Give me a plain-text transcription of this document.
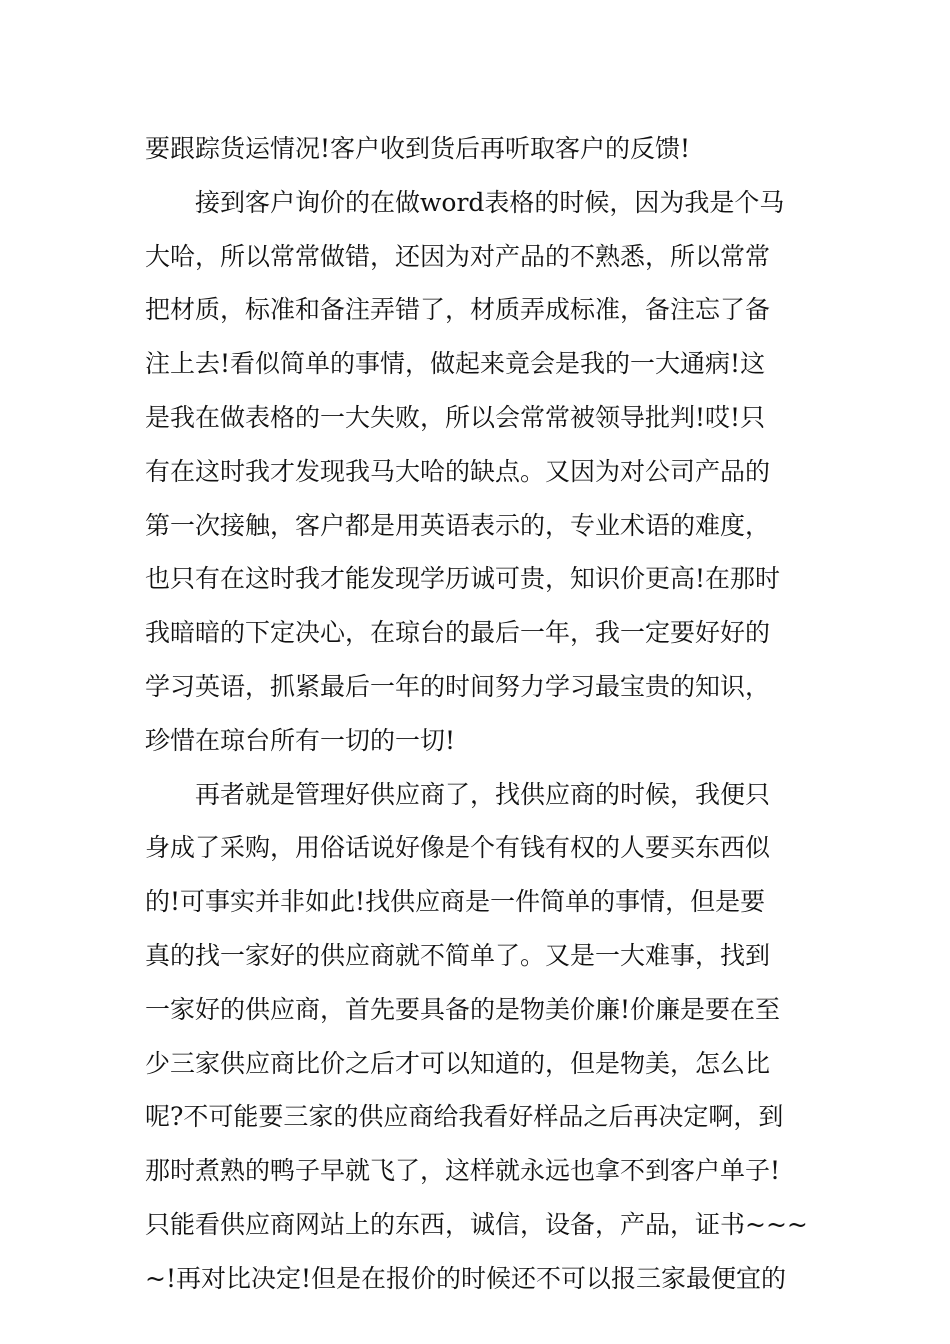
要跟踪货运情况!客户收到货后再听取客户的反馈!
接到客户询价的在做word表格的时候，因为我是个马
大哈，所以常常做错，还因为对产品的不熟悉，所以常常
把材质，标准和备注弄错了，材质弄成标准，备注忘了备
注上去!看似简单的事情，做起来竟会是我的一大通病!这
是我在做表格的一大失败，所以会常常被领导批判!哎!只
有在这时我才发现我马大哈的缺点。又因为对公司产品的
第一次接触，客户都是用英语表示的，专业术语的难度，
也只有在这时我才能发现学历诚可贵，知识价更高!在那时
我暗暗的下定决心，在琼台的最后一年，我一定要好好的
学习英语，抓紧最后一年的时间努力学习最宝贵的知识，
珍惜在琼台所有一切的一切!
再者就是管理好供应商了，找供应商的时候，我便只
身成了采购，用俗话说好像是个有钱有权的人要买东西似
的!可事实并非如此!找供应商是一件简单的事情，但是要
真的找一家好的供应商就不简单了。又是一大难事，找到
一家好的供应商，首先要具备的是物美价廉!价廉是要在至
少三家供应商比价之后才可以知道的，但是物美，怎么比
呢?不可能要三家的供应商给我看好样品之后再决定啊，到
那时煮熟的鸭子早就飞了，这样就永远也拿不到客户单子!
只能看供应商网站上的东西，诚信，设备，产品，证书~~~
~!再对比决定!但是在报价的时候还不可以报三家最便宜的
